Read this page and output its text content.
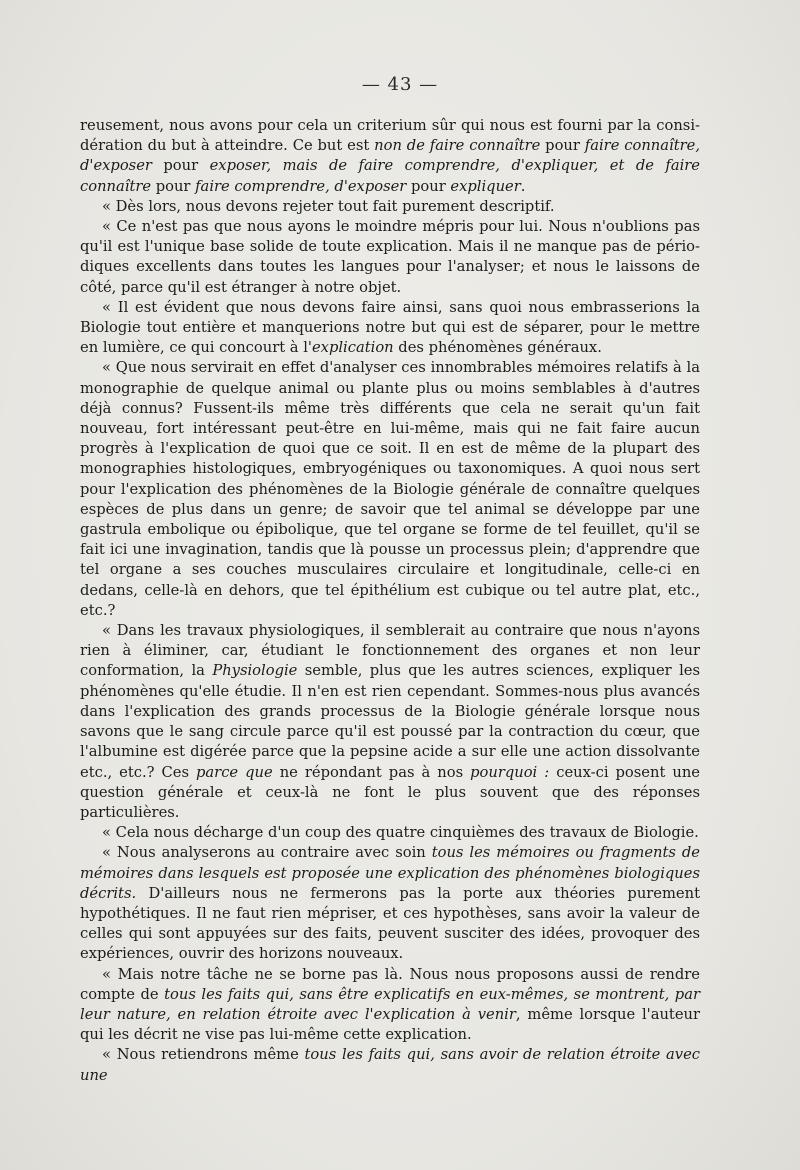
— 43 —

reusement, nous avons pour cela un criterium sûr qui nous est fourni par la considération du but à atteindre. Ce but est non de faire connaître pour faire connaître, d'exposer pour exposer, mais de faire comprendre, d'expliquer, et de faire connaître pour faire comprendre, d'exposer pour expliquer.

« Dès lors, nous devons rejeter tout fait purement descriptif.

« Ce n'est pas que nous ayons le moindre mépris pour lui. Nous n'oublions pas qu'il est l'unique base solide de toute explication. Mais il ne manque pas de périodiques excellents dans toutes les langues pour l'analyser; et nous le laissons de côté, parce qu'il est étranger à notre objet.

« Il est évident que nous devons faire ainsi, sans quoi nous embrasserions la Biologie tout entière et manquerions notre but qui est de séparer, pour le mettre en lumière, ce qui concourt à l'explication des phénomènes généraux.

« Que nous servirait en effet d'analyser ces innombrables mémoires relatifs à la monographie de quelque animal ou plante plus ou moins semblables à d'autres déjà connus? Fussent-ils même très différents que cela ne serait qu'un fait nouveau, fort intéressant peut-être en lui-même, mais qui ne fait faire aucun progrès à l'explication de quoi que ce soit. Il en est de même de la plupart des monographies histologiques, embryogéniques ou taxonomiques. A quoi nous sert pour l'explication des phénomènes de la Biologie générale de connaître quelques espèces de plus dans un genre; de savoir que tel animal se développe par une gastrula embolique ou épibolique, que tel organe se forme de tel feuillet, qu'il se fait ici une invagination, tandis que là pousse un processus plein; d'apprendre que tel organe a ses couches musculaires circulaire et longitudinale, celle-ci en dedans, celle-là en dehors, que tel épithélium est cubique ou tel autre plat, etc., etc.?

« Dans les travaux physiologiques, il semblerait au contraire que nous n'ayons rien à éliminer, car, étudiant le fonctionnement des organes et non leur conformation, la Physiologie semble, plus que les autres sciences, expliquer les phénomènes qu'elle étudie. Il n'en est rien cependant. Sommes-nous plus avancés dans l'explication des grands processus de la Biologie générale lorsque nous savons que le sang circule parce qu'il est poussé par la contraction du cœur, que l'albumine est digérée parce que la pepsine acide a sur elle une action dissolvante etc., etc.? Ces parce que ne répondant pas à nos pourquoi : ceux-ci posent une question générale et ceux-là ne font le plus souvent que des réponses particulières.

« Cela nous décharge d'un coup des quatre cinquièmes des travaux de Biologie.

« Nous analyserons au contraire avec soin tous les mémoires ou fragments de mémoires dans lesquels est proposée une explication des phénomènes biologiques décrits. D'ailleurs nous ne fermerons pas la porte aux théories purement hypothétiques. Il ne faut rien mépriser, et ces hypothèses, sans avoir la valeur de celles qui sont appuyées sur des faits, peuvent susciter des idées, provoquer des expériences, ouvrir des horizons nouveaux.

« Mais notre tâche ne se borne pas là. Nous nous proposons aussi de rendre compte de tous les faits qui, sans être explicatifs en eux-mêmes, se montrent, par leur nature, en relation étroite avec l'explication à venir, même lorsque l'auteur qui les décrit ne vise pas lui-même cette explication.

« Nous retiendrons même tous les faits qui, sans avoir de relation étroite avec une
